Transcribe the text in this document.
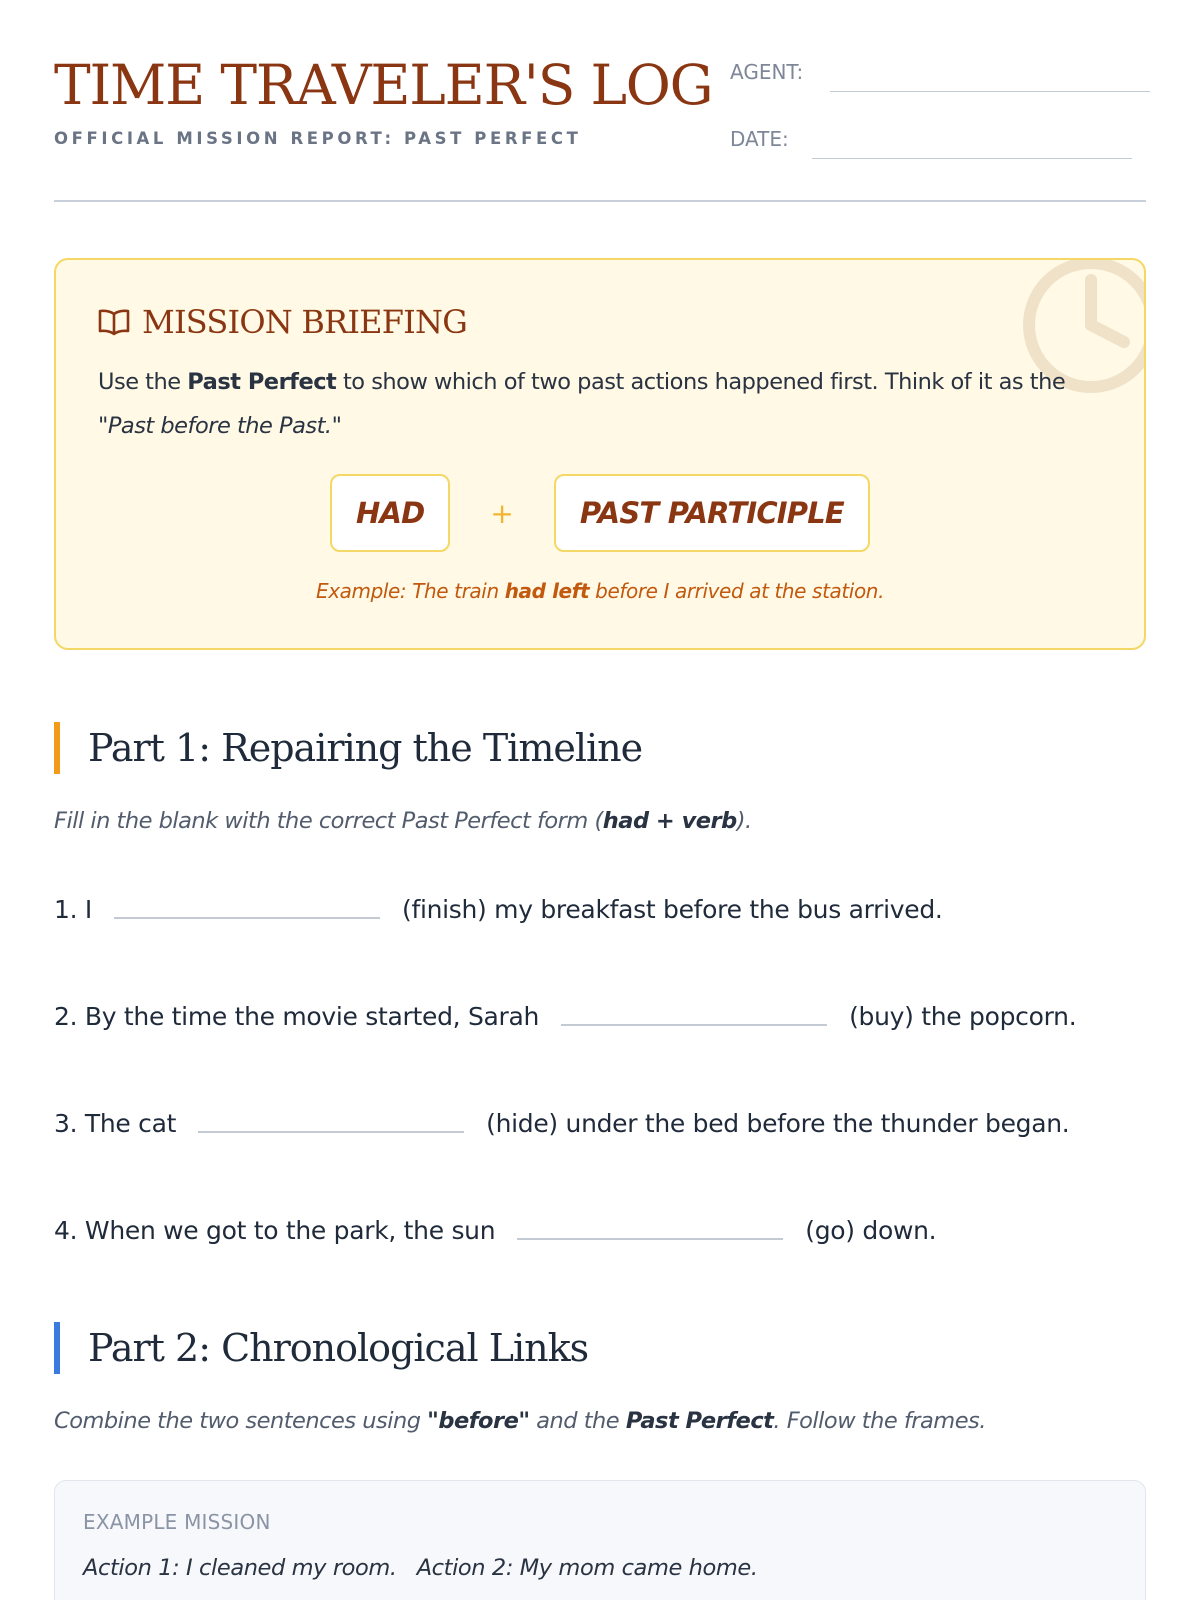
TIME TRAVELER'S LOG
OFFICIAL MISSION REPORT: PAST PERFECT
AGENT:
DATE:
MISSION BRIEFING

Use the Past Perfect to show which of two past actions happened first. Think of it as the "Past before the Past."

HAD	+	PAST PARTICIPLE
Example: The train had left before I arrived at the station.
Part 1: Repairing the Timeline
Fill in the blank with the correct Past Perfect form (had + verb).
1. I	(finish) my breakfast before the bus arrived.
2. By the time the movie started, Sarah	(buy) the popcorn.
3. The cat	(hide) under the bed before the thunder began.
4. When we got to the park, the sun	(go) down.
Part 2: Chronological Links
Combine the two sentences using "before" and the Past Perfect. Follow the frames.
EXAMPLE MISSION
Action 1: I cleaned my room. Action 2: My mom came home.
